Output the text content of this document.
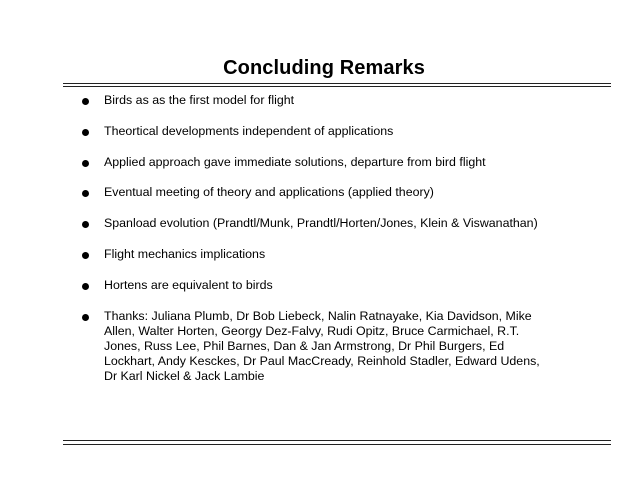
Concluding Remarks
Birds as as the first model for flight
Theortical developments independent of applications
Applied approach gave immediate solutions, departure from bird flight
Eventual meeting of theory and applications (applied theory)
Spanload evolution (Prandtl/Munk, Prandtl/Horten/Jones, Klein & Viswanathan)
Flight mechanics implications
Hortens are equivalent to birds
Thanks: Juliana Plumb, Dr Bob Liebeck, Nalin Ratnayake, Kia Davidson, Mike
Allen, Walter Horten, Georgy Dez-Falvy, Rudi Opitz, Bruce Carmichael, R.T.
Jones, Russ Lee, Phil Barnes, Dan & Jan Armstrong, Dr Phil Burgers, Ed
Lockhart, Andy Kesckes, Dr Paul MacCready, Reinhold Stadler, Edward Udens,
Dr Karl Nickel & Jack Lambie
